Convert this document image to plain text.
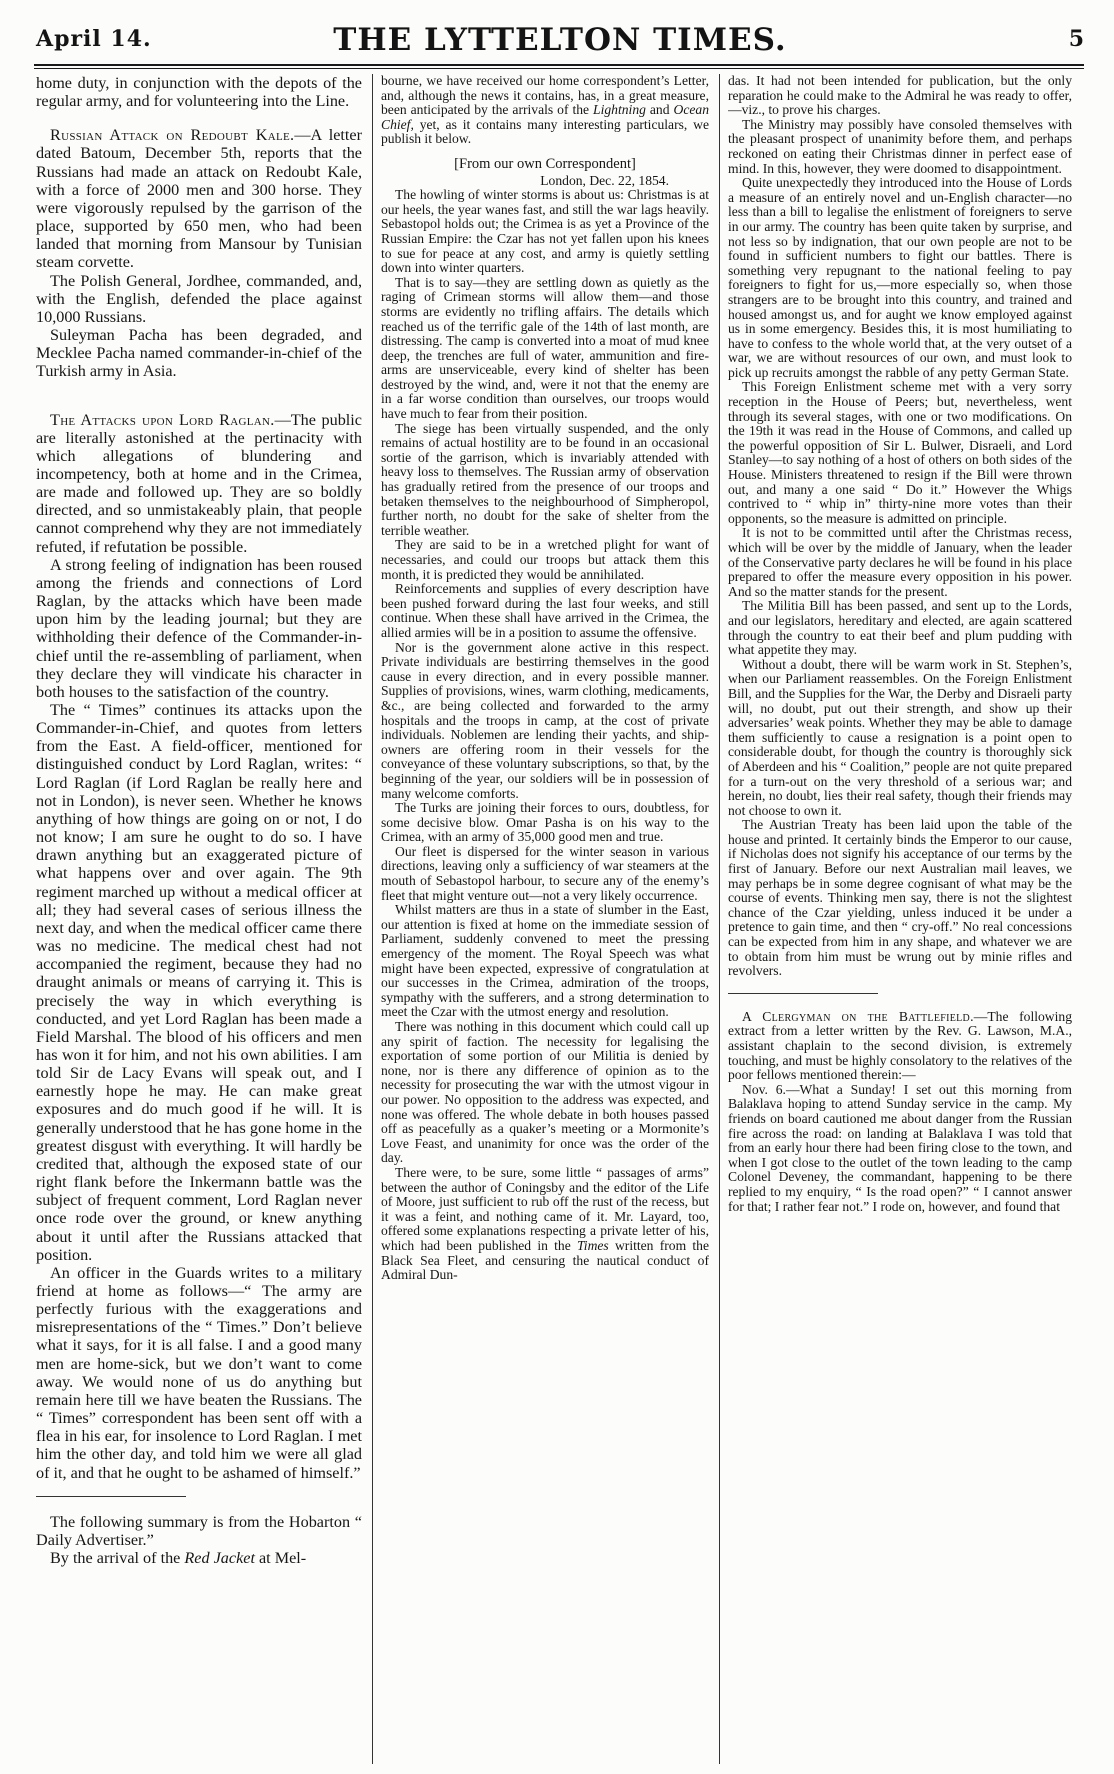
April 14.	THE LYTTELTON TIMES.	5

home duty, in conjunction with the depots of the regular army, and for volunteering into the Line.

Russian Attack on Redoubt Kale.—A letter dated Batoum, December 5th, reports that the Russians had made an attack on Redoubt Kale, with a force of 2000 men and 300 horse. They were vigorously repulsed by the garrison of the place, supported by 650 men, who had been landed that morning from Mansour by Tunisian steam corvette.

The Polish General, Jordhee, commanded, and, with the English, defended the place against 10,000 Russians.

Suleyman Pacha has been degraded, and Mecklee Pacha named commander-in-chief of the Turkish army in Asia.

The Attacks upon Lord Raglan.—The public are literally astonished at the pertinacity with which allegations of blundering and incompetency, both at home and in the Crimea, are made and followed up. They are so boldly directed, and so unmistakeably plain, that people cannot comprehend why they are not immediately refuted, if refutation be possible.

A strong feeling of indignation has been roused among the friends and connections of Lord Raglan, by the attacks which have been made upon him by the leading journal; but they are withholding their defence of the Commander-in-chief until the re-assembling of parliament, when they declare they will vindicate his character in both houses to the satisfaction of the country.

The “ Times” continues its attacks upon the Commander-in-Chief, and quotes from letters from the East. A field-officer, mentioned for distinguished conduct by Lord Raglan, writes: “ Lord Raglan (if Lord Raglan be really here and not in London), is never seen. Whether he knows anything of how things are going on or not, I do not know; I am sure he ought to do so. I have drawn anything but an exaggerated picture of what happens over and over again. The 9th regiment marched up without a medical officer at all; they had several cases of serious illness the next day, and when the medical officer came there was no medicine. The medical chest had not accompanied the regiment, because they had no draught animals or means of carrying it. This is precisely the way in which everything is conducted, and yet Lord Raglan has been made a Field Marshal. The blood of his officers and men has won it for him, and not his own abilities. I am told Sir de Lacy Evans will speak out, and I earnestly hope he may. He can make great exposures and do much good if he will. It is generally understood that he has gone home in the greatest disgust with everything. It will hardly be credited that, although the exposed state of our right flank before the Inkermann battle was the subject of frequent comment, Lord Raglan never once rode over the ground, or knew anything about it until after the Russians attacked that position.

An officer in the Guards writes to a military friend at home as follows—“ The army are perfectly furious with the exaggerations and misrepresentations of the “ Times.” Don’t believe what it says, for it is all false. I and a good many men are home-sick, but we don’t want to come away. We would none of us do anything but remain here till we have beaten the Russians. The “ Times” correspondent has been sent off with a flea in his ear, for insolence to Lord Raglan. I met him the other day, and told him we were all glad of it, and that he ought to be ashamed of himself.”

The following summary is from the Hobarton “ Daily Advertiser.”

By the arrival of the Red Jacket at Mel-

bourne, we have received our home correspondent’s Letter, and, although the news it contains, has, in a great measure, been anticipated by the arrivals of the Lightning and Ocean Chief, yet, as it contains many interesting particulars, we publish it below.

[From our own Correspondent]

London, Dec. 22, 1854.

The howling of winter storms is about us: Christmas is at our heels, the year wanes fast, and still the war lags heavily. Sebastopol holds out; the Crimea is as yet a Province of the Russian Empire: the Czar has not yet fallen upon his knees to sue for peace at any cost, and army is quietly settling down into winter quarters.

That is to say—they are settling down as quietly as the raging of Crimean storms will allow them—and those storms are evidently no trifling affairs. The details which reached us of the terrific gale of the 14th of last month, are distressing. The camp is converted into a moat of mud knee deep, the trenches are full of water, ammunition and fire-arms are unserviceable, every kind of shelter has been destroyed by the wind, and, were it not that the enemy are in a far worse condition than ourselves, our troops would have much to fear from their position.

The siege has been virtually suspended, and the only remains of actual hostility are to be found in an occasional sortie of the garrison, which is invariably attended with heavy loss to themselves. The Russian army of observation has gradually retired from the presence of our troops and betaken themselves to the neighbourhood of Simpheropol, further north, no doubt for the sake of shelter from the terrible weather.

They are said to be in a wretched plight for want of necessaries, and could our troops but attack them this month, it is predicted they would be annihilated.

Reinforcements and supplies of every description have been pushed forward during the last four weeks, and still continue. When these shall have arrived in the Crimea, the allied armies will be in a position to assume the offensive.

Nor is the government alone active in this respect. Private individuals are bestirring themselves in the good cause in every direction, and in every possible manner. Supplies of provisions, wines, warm clothing, medicaments, &c., are being collected and forwarded to the army hospitals and the troops in camp, at the cost of private individuals. Noblemen are lending their yachts, and ship-owners are offering room in their vessels for the conveyance of these voluntary subscriptions, so that, by the beginning of the year, our soldiers will be in possession of many welcome comforts.

The Turks are joining their forces to ours, doubtless, for some decisive blow. Omar Pasha is on his way to the Crimea, with an army of 35,000 good men and true.

Our fleet is dispersed for the winter season in various directions, leaving only a sufficiency of war steamers at the mouth of Sebastopol harbour, to secure any of the enemy’s fleet that might venture out—not a very likely occurrence.

Whilst matters are thus in a state of slumber in the East, our attention is fixed at home on the immediate session of Parliament, suddenly convened to meet the pressing emergency of the moment. The Royal Speech was what might have been expected, expressive of congratulation at our successes in the Crimea, admiration of the troops, sympathy with the sufferers, and a strong determination to meet the Czar with the utmost energy and resolution.

There was nothing in this document which could call up any spirit of faction. The necessity for legalising the exportation of some portion of our Militia is denied by none, nor is there any difference of opinion as to the necessity for prosecuting the war with the utmost vigour in our power. No opposition to the address was expected, and none was offered. The whole debate in both houses passed off as peacefully as a quaker’s meeting or a Mormonite’s Love Feast, and unanimity for once was the order of the day.

There were, to be sure, some little “ passages of arms” between the author of Coningsby and the editor of the Life of Moore, just sufficient to rub off the rust of the recess, but it was a feint, and nothing came of it. Mr. Layard, too, offered some explanations respecting a private letter of his, which had been published in the Times written from the Black Sea Fleet, and censuring the nautical conduct of Admiral Dun-

das. It had not been intended for publication, but the only reparation he could make to the Admiral he was ready to offer,—viz., to prove his charges.

The Ministry may possibly have consoled themselves with the pleasant prospect of unanimity before them, and perhaps reckoned on eating their Christmas dinner in perfect ease of mind. In this, however, they were doomed to disappointment.

Quite unexpectedly they introduced into the House of Lords a measure of an entirely novel and un-English character—no less than a bill to legalise the enlistment of foreigners to serve in our army. The country has been quite taken by surprise, and not less so by indignation, that our own people are not to be found in sufficient numbers to fight our battles. There is something very repugnant to the national feeling to pay foreigners to fight for us,—more especially so, when those strangers are to be brought into this country, and trained and housed amongst us, and for aught we know employed against us in some emergency. Besides this, it is most humiliating to have to confess to the whole world that, at the very outset of a war, we are without resources of our own, and must look to pick up recruits amongst the rabble of any petty German State.

This Foreign Enlistment scheme met with a very sorry reception in the House of Peers; but, nevertheless, went through its several stages, with one or two modifications. On the 19th it was read in the House of Commons, and called up the powerful opposition of Sir L. Bulwer, Disraeli, and Lord Stanley—to say nothing of a host of others on both sides of the House. Ministers threatened to resign if the Bill were thrown out, and many a one said “ Do it.” However the Whigs contrived to “ whip in” thirty-nine more votes than their opponents, so the measure is admitted on principle.

It is not to be committed until after the Christmas recess, which will be over by the middle of January, when the leader of the Conservative party declares he will be found in his place prepared to offer the measure every opposition in his power. And so the matter stands for the present.

The Militia Bill has been passed, and sent up to the Lords, and our legislators, hereditary and elected, are again scattered through the country to eat their beef and plum pudding with what appetite they may.

Without a doubt, there will be warm work in St. Stephen’s, when our Parliament reassembles. On the Foreign Enlistment Bill, and the Supplies for the War, the Derby and Disraeli party will, no doubt, put out their strength, and show up their adversaries’ weak points. Whether they may be able to damage them sufficiently to cause a resignation is a point open to considerable doubt, for though the country is thoroughly sick of Aberdeen and his “ Coalition,” people are not quite prepared for a turn-out on the very threshold of a serious war; and herein, no doubt, lies their real safety, though their friends may not choose to own it.

The Austrian Treaty has been laid upon the table of the house and printed. It certainly binds the Emperor to our cause, if Nicholas does not signify his acceptance of our terms by the first of January. Before our next Australian mail leaves, we may perhaps be in some degree cognisant of what may be the course of events. Thinking men say, there is not the slightest chance of the Czar yielding, unless induced it be under a pretence to gain time, and then “ cry-off.” No real concessions can be expected from him in any shape, and whatever we are to obtain from him must be wrung out by minie rifles and revolvers.

A Clergyman on the Battlefield.—The following extract from a letter written by the Rev. G. Lawson, M.A., assistant chaplain to the second division, is extremely touching, and must be highly consolatory to the relatives of the poor fellows mentioned therein:—

Nov. 6.—What a Sunday! I set out this morning from Balaklava hoping to attend Sunday service in the camp. My friends on board cautioned me about danger from the Russian fire across the road: on landing at Balaklava I was told that from an early hour there had been firing close to the town, and when I got close to the outlet of the town leading to the camp Colonel Deveney, the commandant, happening to be there replied to my enquiry, “ Is the road open?” “ I cannot answer for that; I rather fear not.” I rode on, however, and found that
